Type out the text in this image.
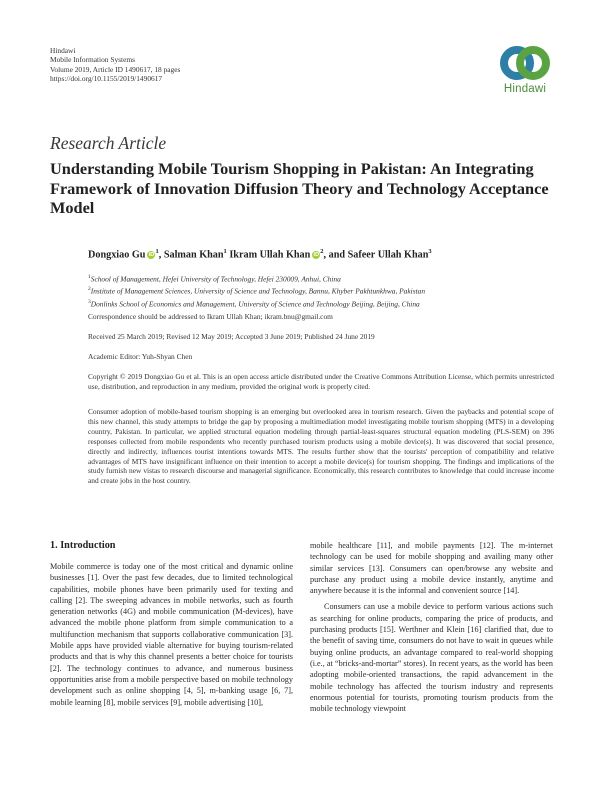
Hindawi
Mobile Information Systems
Volume 2019, Article ID 1490617, 18 pages
https://doi.org/10.1155/2019/1490617
Hindawi
Research Article
Understanding Mobile Tourism Shopping in Pakistan: An Integrating Framework of Innovation Diffusion Theory and Technology Acceptance Model
Dongxiao Gu $iD^1$, Salman Khan$^1$ Ikram Ullah Khan $iD^2$, and Safeer Ullah Khan$^3$
$^1$School of Management, Hefei University of Technology, Hefei 230009, Anhui, China
$^2$Institute of Management Sciences, University of Science and Technology, Bannu, Khyber Pakhtunkhwa, Pakistan
$^3$Donlinks School of Economics and Management, University of Science and Technology Beijing, Beijing, China
Correspondence should be addressed to Ikram Ullah Khan; ikram.bnu@gmail.com
Received 25 March 2019; Revised 12 May 2019; Accepted 3 June 2019; Published 24 June 2019
Academic Editor: Yuh-Shyan Chen
Copyright © 2019 Dongxiao Gu et al. This is an open access article distributed under the Creative Commons Attribution License, which permits unrestricted use, distribution, and reproduction in any medium, provided the original work is properly cited.
Consumer adoption of mobile-based tourism shopping is an emerging but overlooked area in tourism research. Given the paybacks and potential scope of this new channel, this study attempts to bridge the gap by proposing a multimediation model investigating mobile tourism shopping (MTS) in a developing country, Pakistan. In particular, we applied structural equation modeling through partial-least-squares structural equation modeling (PLS-SEM) on 396 responses collected from mobile respondents who recently purchased tourism products using a mobile device(s). It was discovered that social presence, directly and indirectly, influences tourist intentions towards MTS. The results further show that the tourists' perception of compatibility and relative advantages of MTS have insignificant influence on their intention to accept a mobile device(s) for tourism shopping. The findings and implications of the study furnish new vistas to research discourse and managerial significance. Economically, this research contributes to knowledge that could increase income and create jobs in the host country.
1. Introduction

Mobile commerce is today one of the most critical and dynamic online businesses [1]. Over the past few decades, due to limited technological capabilities, mobile phones have been primarily used for texting and calling [2]. The sweeping advances in mobile networks, such as fourth generation networks (4G) and mobile communication (M-devices), have advanced the mobile phone platform from simple communication to a multifunction mechanism that supports collaborative communication [3]. Mobile apps have provided viable alternative for buying tourism-related products and that is why this channel presents a better choice for tourists [2]. The technology continues to advance, and numerous business opportunities arise from a mobile perspective based on mobile technology development such as online shopping [4, 5], m-banking usage [6, 7], mobile learning [8], mobile services [9], mobile advertising [10],

mobile healthcare [11], and mobile payments [12]. The m-internet technology can be used for mobile shopping and availing many other similar services [13]. Consumers can open/browse any website and purchase any product using a mobile device instantly, anytime and anywhere because it is the informal and convenient source [14].

Consumers can use a mobile device to perform various actions such as searching for online products, comparing the price of products, and purchasing products [15]. Werthner and Klein [16] clarified that, due to the benefit of saving time, consumers do not have to wait in queues while buying online products, an advantage compared to real-world shopping (i.e., at “bricks-and-mortar” stores). In recent years, as the world has been adopting mobile-oriented transactions, the rapid advancement in the mobile technology has affected the tourism industry and represents enormous potential for tourists, promoting tourism products from the mobile technology viewpoint
